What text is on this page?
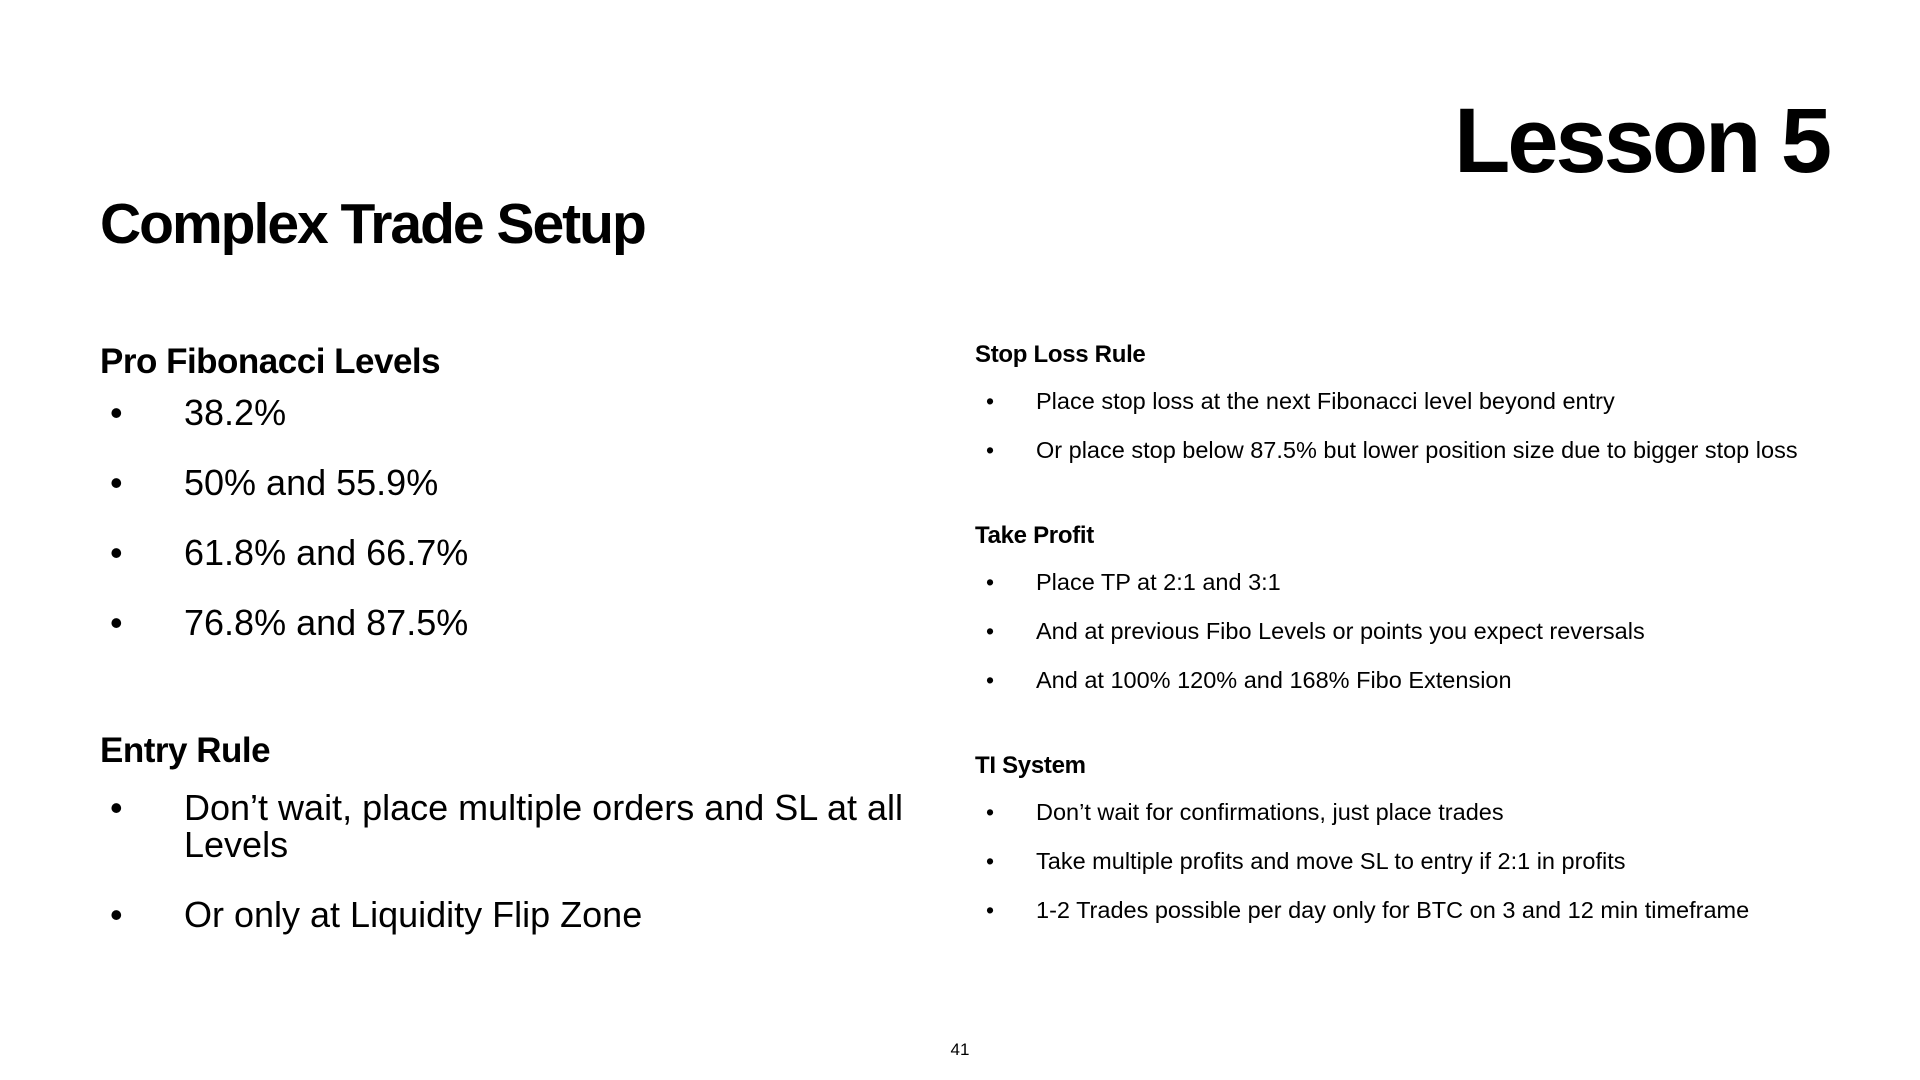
Lesson 5
Complex Trade Setup
Pro Fibonacci Levels
• 38.2%
• 50% and 55.9%
• 61.8% and 66.7%
• 76.8% and 87.5%
Entry Rule
• Don’t wait, place multiple orders and SL at all Levels
• Or only at Liquidity Flip Zone
Stop Loss Rule
• Place stop loss at the next Fibonacci level beyond entry
• Or place stop below 87.5% but lower position size due to bigger stop loss
Take Profit
• Place TP at 2:1 and 3:1
• And at previous Fibo Levels or points you expect reversals
• And at 100% 120% and 168% Fibo Extension
TI System
• Don’t wait for confirmations, just place trades
• Take multiple profits and move SL to entry if 2:1 in profits
• 1-2 Trades possible per day only for BTC on 3 and 12 min timeframe
41
